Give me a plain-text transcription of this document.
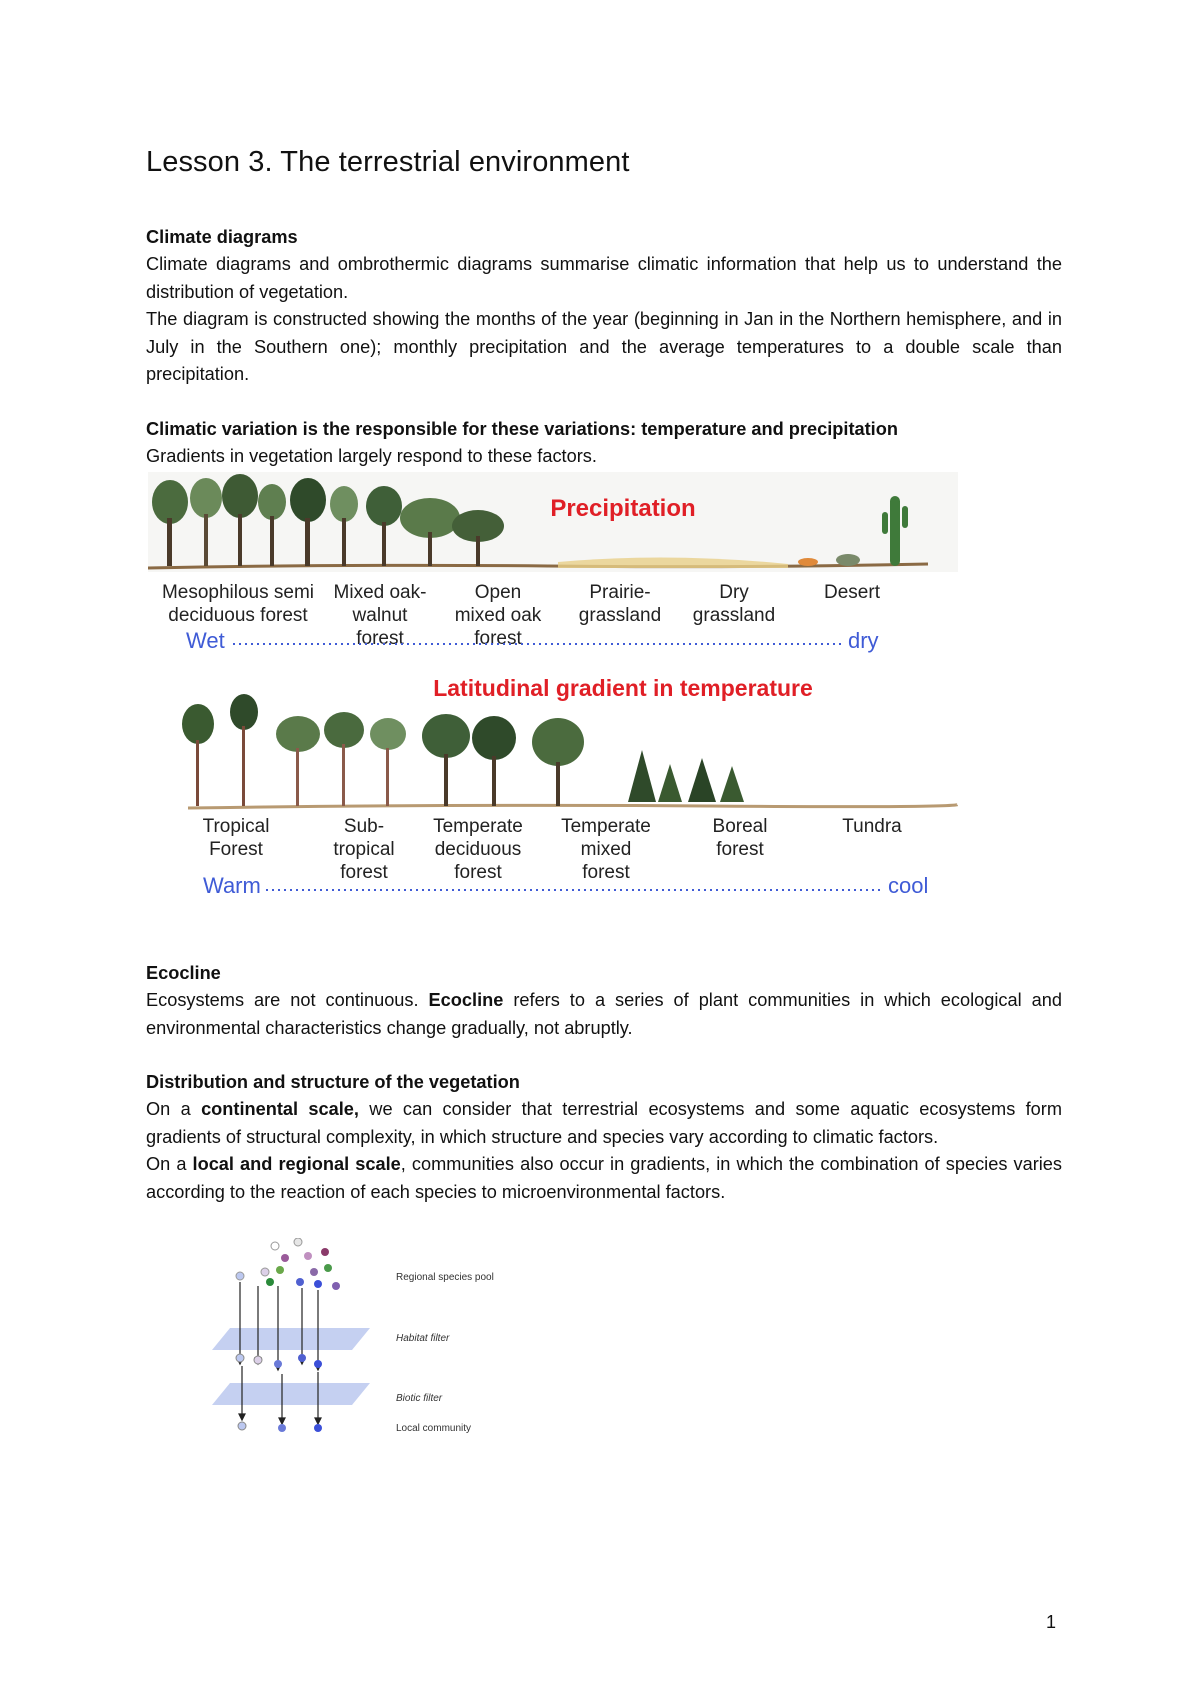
Lesson 3. The terrestrial environment
Climate diagrams

Climate diagrams and ombrothermic diagrams summarise climatic information that help us to understand the distribution of vegetation.

The diagram is constructed showing the months of the year (beginning in Jan in the Northern hemisphere, and in July in the Southern one); monthly precipitation and the average temperatures to a double scale than precipitation.

Climatic variation is the responsible for these variations: temperature and precipitation

Gradients in vegetation largely respond to these factors.

Ecocline

Ecosystems are not continuous. Ecocline refers to a series of plant communities in which ecological and environmental characteristics change gradually, not abruptly.

Distribution and structure of the vegetation

On a continental scale, we can consider that terrestrial ecosystems and some aquatic ecosystems form gradients of structural complexity, in which structure and species vary according to climatic factors.

On a local and regional scale, communities also occur in gradients, in which the combination of species varies according to the reaction of each species to microenvironmental factors.

Precipitation
Mesophilous semi deciduous forest
Mixed oak-walnut forest
Open mixed oak forest
Prairie-grassland
Dry grassland
Desert
Wet	dry
Latitudinal gradient in temperature
Tropical Forest
Sub-tropical forest
Temperate deciduous forest
Temperate mixed forest
Boreal forest
Tundra
Warm	cool
Regional species pool
Habitat filter
Biotic filter
Local community
1
